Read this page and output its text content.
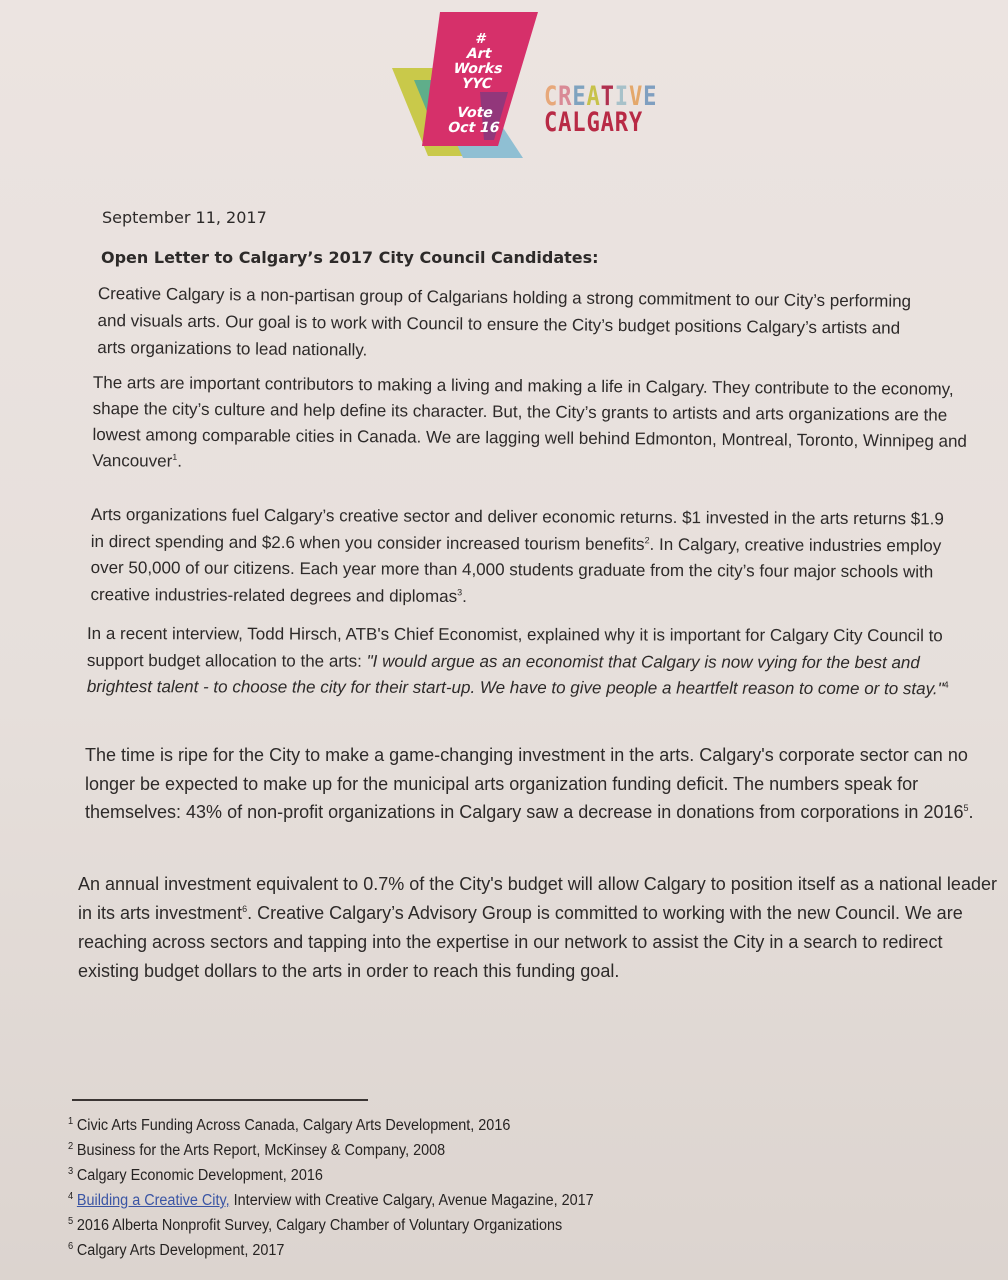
#
Art
Works
YYC
Vote
Oct 16
CREATIVE
CALGARY
September 11, 2017
Open Letter to Calgary’s 2017 City Council Candidates:
Creative Calgary is a non-partisan group of Calgarians holding a strong commitment to our City’s performing and visuals arts. Our goal is to work with Council to ensure the City’s budget positions Calgary’s artists and arts organizations to lead nationally.
The arts are important contributors to making a living and making a life in Calgary. They contribute to the economy, shape the city’s culture and help define its character. But, the City’s grants to artists and arts organizations are the lowest among comparable cities in Canada. We are lagging well behind Edmonton, Montreal, Toronto, Winnipeg and Vancouver$^1$.
Arts organizations fuel Calgary’s creative sector and deliver economic returns. $1 invested in the arts returns $1.9 in direct spending and $2.6 when you consider increased tourism benefits$^2$. In Calgary, creative industries employ over 50,000 of our citizens. Each year more than 4,000 students graduate from the city’s four major schools with creative industries-related degrees and diplomas$^3$.
In a recent interview, Todd Hirsch, ATB's Chief Economist, explained why it is important for Calgary City Council to support budget allocation to the arts: "I would argue as an economist that Calgary is now vying for the best and brightest talent - to choose the city for their start-up. We have to give people a heartfelt reason to come or to stay."$^4$
The time is ripe for the City to make a game-changing investment in the arts. Calgary's corporate sector can no longer be expected to make up for the municipal arts organization funding deficit. The numbers speak for themselves: 43% of non-profit organizations in Calgary saw a decrease in donations from corporations in 2016$^5$.
An annual investment equivalent to 0.7% of the City's budget will allow Calgary to position itself as a national leader in its arts investment$^6$. Creative Calgary’s Advisory Group is committed to working with the new Council. We are reaching across sectors and tapping into the expertise in our network to assist the City in a search to redirect existing budget dollars to the arts in order to reach this funding goal.
$^1$ Civic Arts Funding Across Canada, Calgary Arts Development, 2016
$^2$ Business for the Arts Report, McKinsey & Company, 2008
$^3$ Calgary Economic Development, 2016
$^4$ Building a Creative City, Interview with Creative Calgary, Avenue Magazine, 2017
$^5$ 2016 Alberta Nonprofit Survey, Calgary Chamber of Voluntary Organizations
$^6$ Calgary Arts Development, 2017
